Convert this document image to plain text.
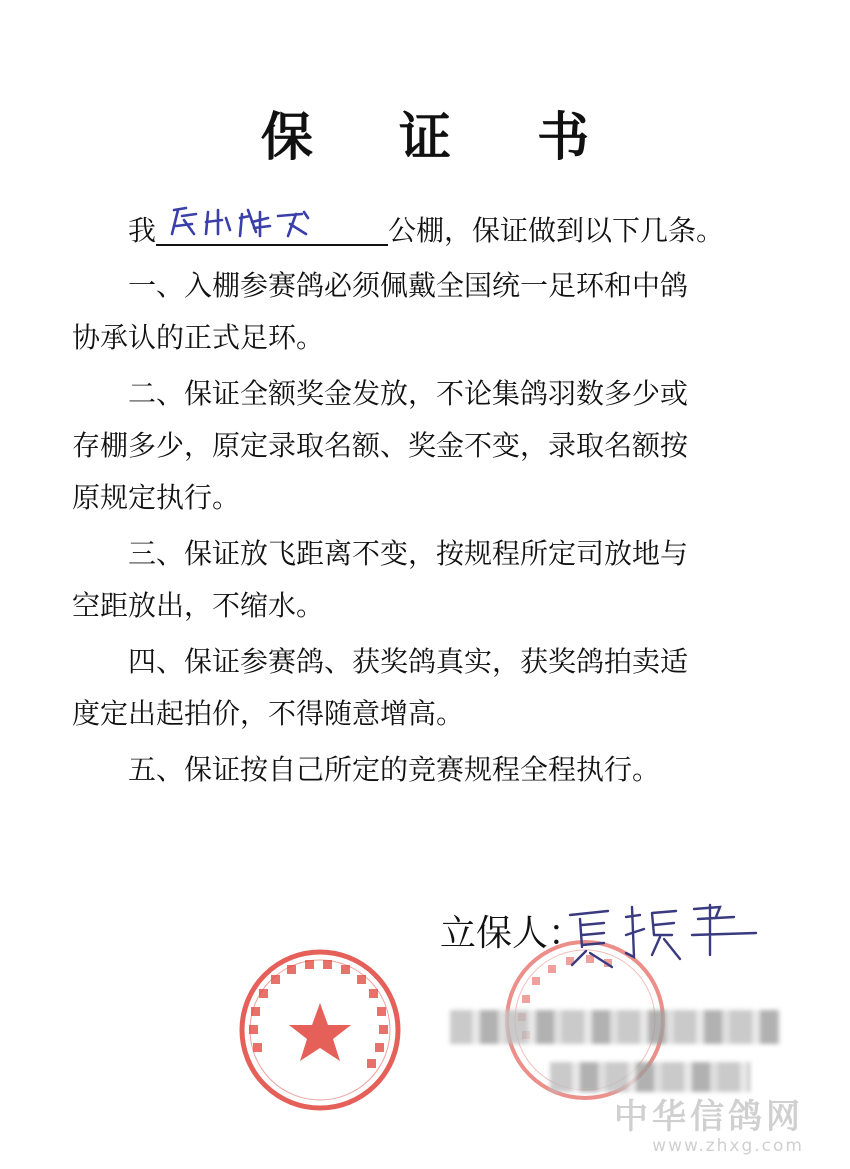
保 证 书
我	公棚，保证做到以下几条。
一、入棚参赛鸽必须佩戴全国统一足环和中鸽
协承认的正式足环。
二、保证全额奖金发放，不论集鸽羽数多少或
存棚多少，原定录取名额、奖金不变，录取名额按
原规定执行。
三、保证放飞距离不变，按规程所定司放地与
空距放出，不缩水。
四、保证参赛鸽、获奖鸽真实，获奖鸽拍卖适
度定出起拍价，不得随意增高。
五、保证按自己所定的竞赛规程全程执行。
立保人：
中华信鸽网
www.zhxg.com
